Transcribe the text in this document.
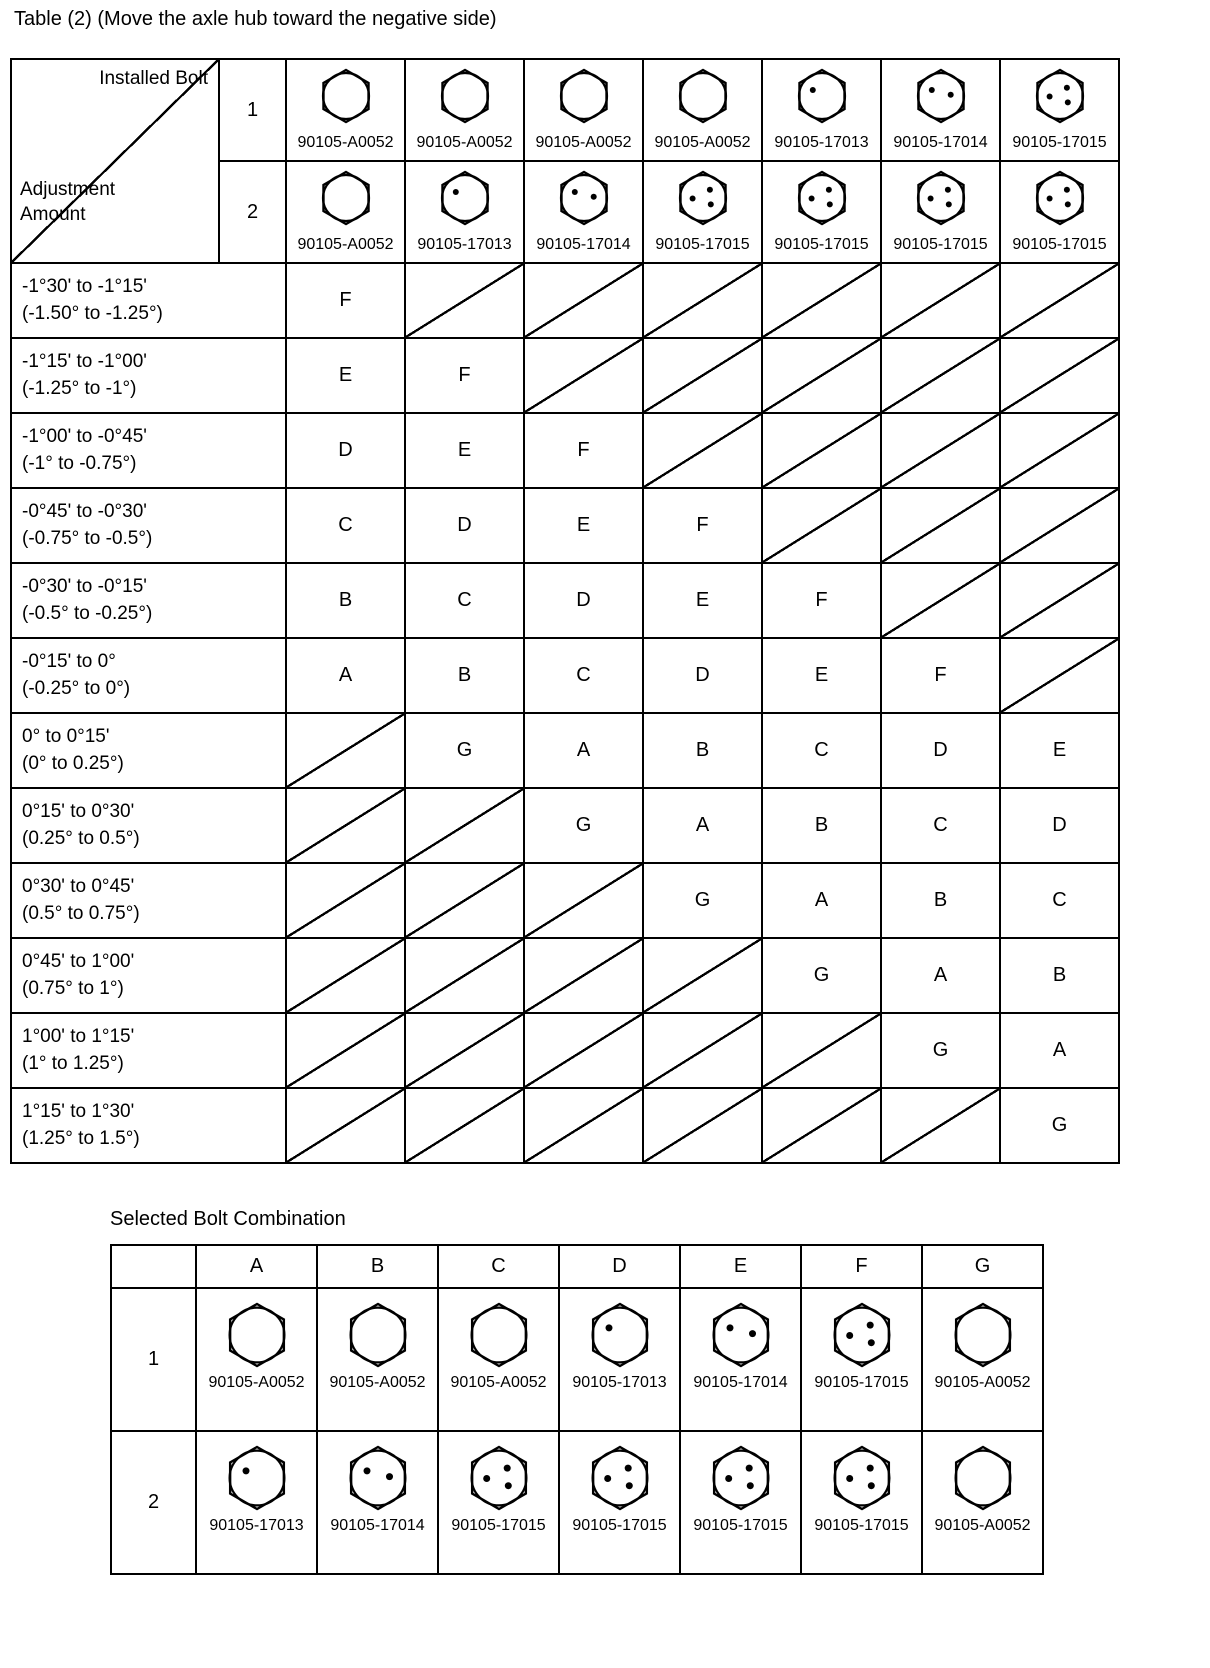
Table (2) (Move the axle hub toward the negative side)
Installed Bolt
Adjustment Amount	1	90105-A0052	90105-A0052	90105-A0052	90105-A0052	90105-17013	90105-17014	90105-17015

	2	90105-A0052	90105-17013	90105-17014	90105-17015	90105-17015	90105-17015	90105-17015

-1°30' to -1°15'
(-1.50° to -1.25°)		F						

-1°15' to -1°00'
(-1.25° to -1°)		E	F					

-1°00' to -0°45'
(-1° to -0.75°)		D	E	F				

-0°45' to -0°30'
(-0.75° to -0.5°)		C	D	E	F			

-0°30' to -0°15'
(-0.5° to -0.25°)		B	C	D	E	F		

-0°15' to 0°
(-0.25° to 0°)		A	B	C	D	E	F	

0° to 0°15'
(0° to 0.25°)			G	A	B	C	D	E

0°15' to 0°30'
(0.25° to 0.5°)				G	A	B	C	D

0°30' to 0°45'
(0.5° to 0.75°)					G	A	B	C

0°45' to 1°00'
(0.75° to 1°)						G	A	B

1°00' to 1°15'
(1° to 1.25°)							G	A

1°15' to 1°30'
(1.25° to 1.5°)								G
Selected Bolt Combination
	A	B	C	D	E	F	G
1	90105-A0052	90105-A0052	90105-A0052	90105-17013	90105-17014	90105-17015	90105-A0052

2	90105-17013	90105-17014	90105-17015	90105-17015	90105-17015	90105-17015	90105-A0052
